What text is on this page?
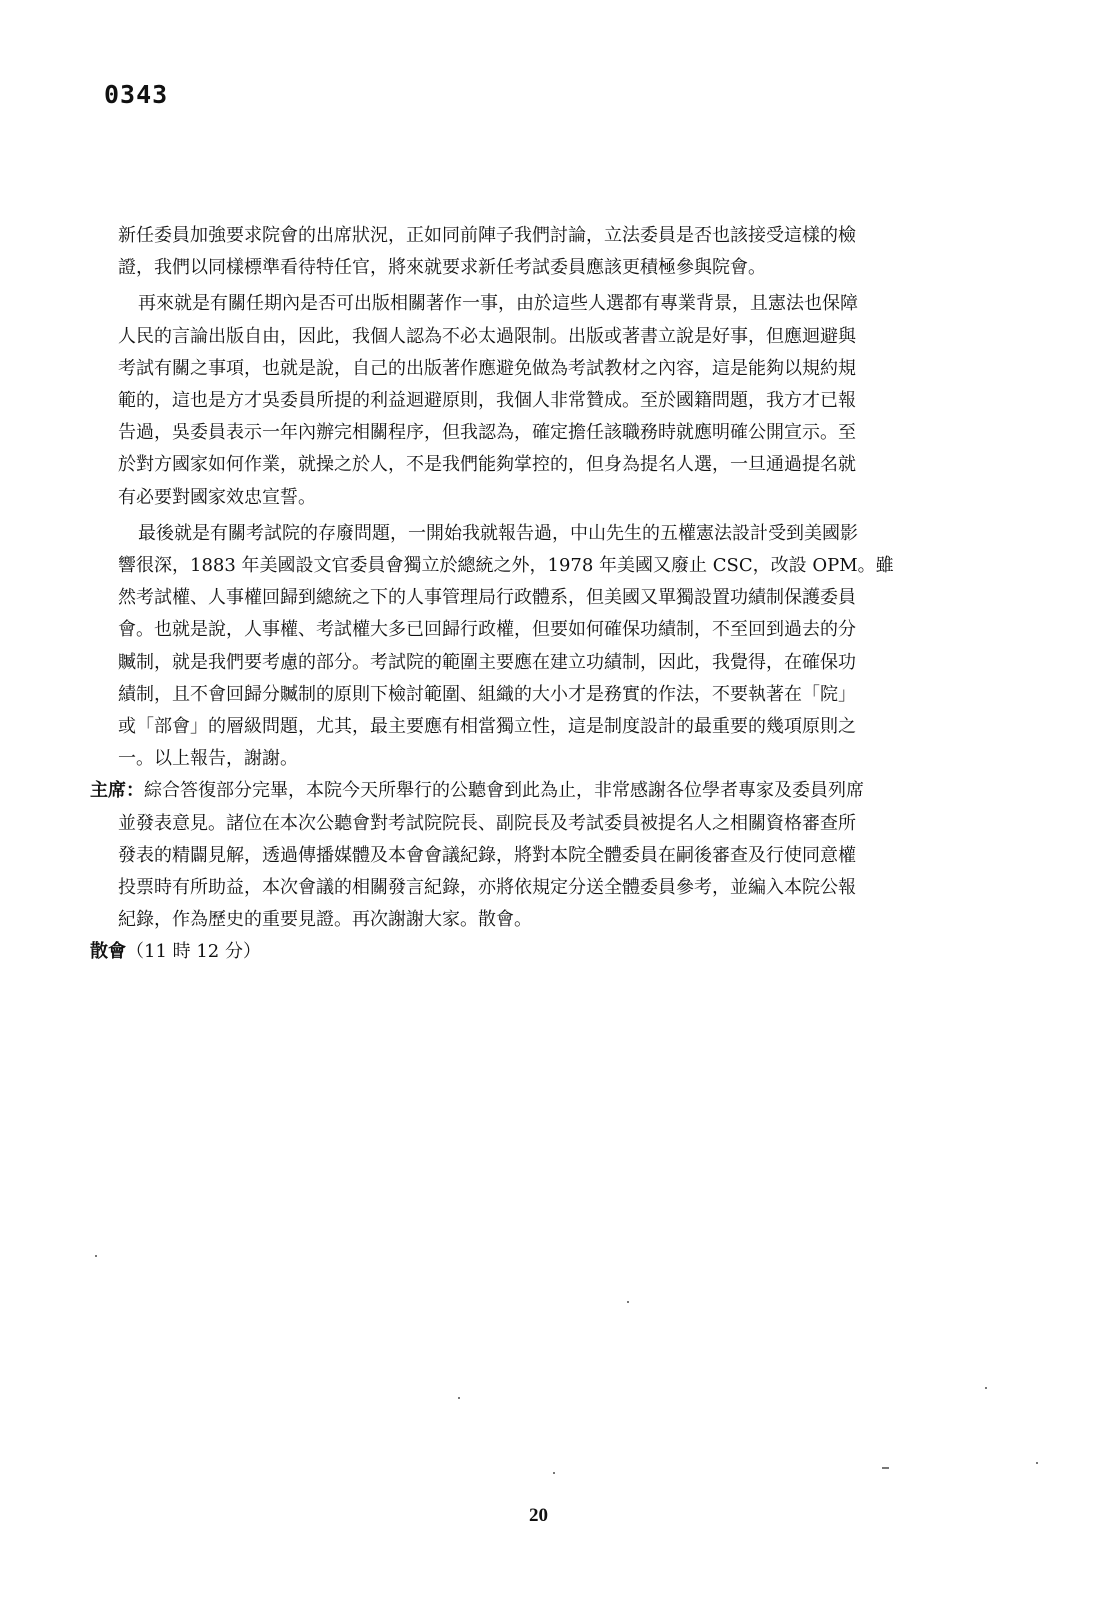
0343

新任委員加強要求院會的出席狀況，正如同前陣子我們討論，立法委員是否也該接受這樣的檢

證，我們以同樣標準看待特任官，將來就要求新任考試委員應該更積極參與院會。

再來就是有關任期內是否可出版相關著作一事，由於這些人選都有專業背景，且憲法也保障

人民的言論出版自由，因此，我個人認為不必太過限制。出版或著書立說是好事，但應迴避與

考試有關之事項，也就是說，自己的出版著作應避免做為考試教材之內容，這是能夠以規約規

範的，這也是方才吳委員所提的利益迴避原則，我個人非常贊成。至於國籍問題，我方才已報

告過，吳委員表示一年內辦完相關程序，但我認為，確定擔任該職務時就應明確公開宣示。至

於對方國家如何作業，就操之於人，不是我們能夠掌控的，但身為提名人選，一旦通過提名就

有必要對國家效忠宣誓。

最後就是有關考試院的存廢問題，一開始我就報告過，中山先生的五權憲法設計受到美國影

響很深，1883 年美國設文官委員會獨立於總統之外，1978 年美國又廢止 CSC，改設 OPM。雖

然考試權、人事權回歸到總統之下的人事管理局行政體系，但美國又單獨設置功績制保護委員

會。也就是說，人事權、考試權大多已回歸行政權，但要如何確保功績制，不至回到過去的分

贓制，就是我們要考慮的部分。考試院的範圍主要應在建立功績制，因此，我覺得，在確保功

績制，且不會回歸分贓制的原則下檢討範圍、組織的大小才是務實的作法，不要執著在「院」

或「部會」的層級問題，尤其，最主要應有相當獨立性，這是制度設計的最重要的幾項原則之

一。以上報告，謝謝。

主席：綜合答復部分完畢，本院今天所舉行的公聽會到此為止，非常感謝各位學者專家及委員列席

並發表意見。諸位在本次公聽會對考試院院長、副院長及考試委員被提名人之相關資格審查所

發表的精闢見解，透過傳播媒體及本會會議紀錄，將對本院全體委員在嗣後審查及行使同意權

投票時有所助益，本次會議的相關發言紀錄，亦將依規定分送全體委員參考，並編入本院公報

紀錄，作為歷史的重要見證。再次謝謝大家。散會。

散會（11 時 12 分）

20
